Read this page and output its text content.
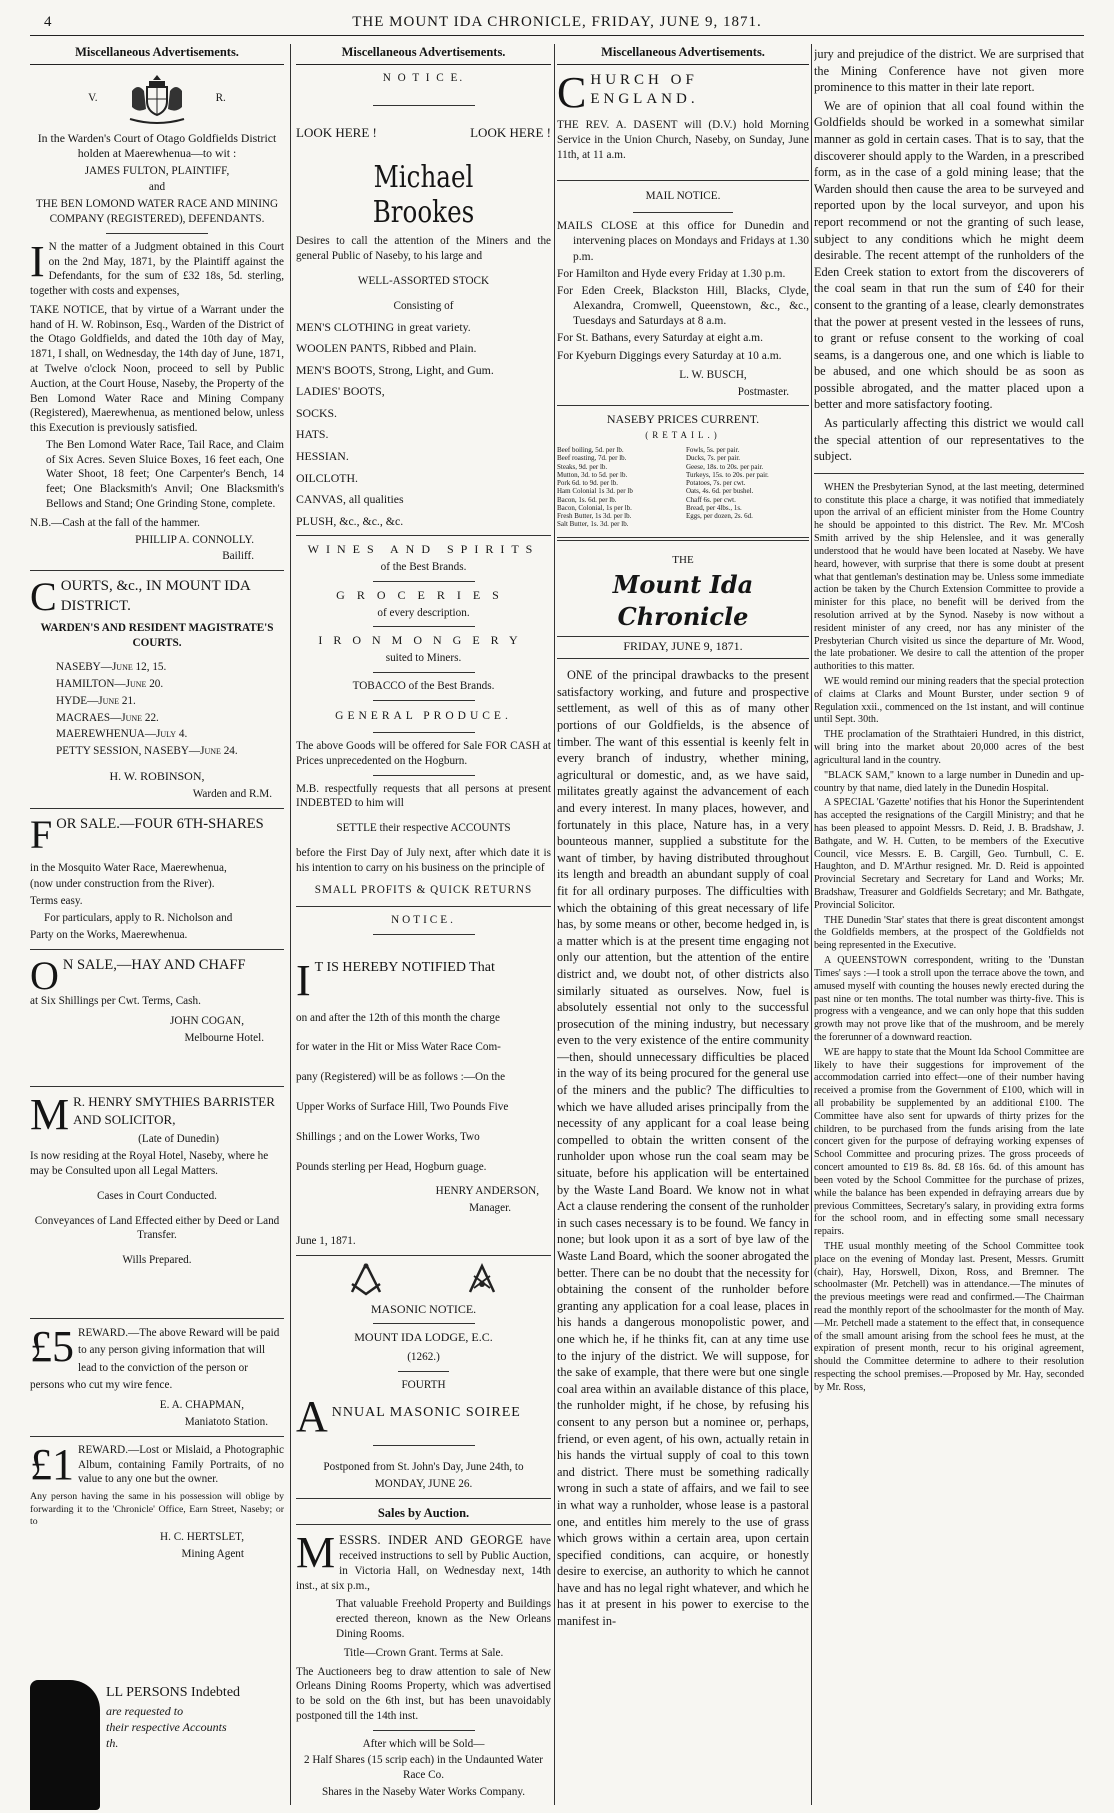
4	THE MOUNT IDA CHRONICLE, FRIDAY, JUNE 9, 1871.
Miscellaneous Advertisements.
V.	R.

In the Warden's Court of Otago Goldfields District holden at Maerewhenua—to wit :

JAMES FULTON, PLAINTIFF,

and

THE BEN LOMOND WATER RACE AND MINING COMPANY (REGISTERED), DEFENDANTS.

I N the matter of a Judgment obtained in this Court on the 2nd May, 1871, by the Plaintiff against the Defendants, for the sum of £32 18s, 5d. sterling, together with costs and expenses,

TAKE NOTICE, that by virtue of a Warrant under the hand of H. W. Robinson, Esq., Warden of the District of the Otago Goldfields, and dated the 10th day of May, 1871, I shall, on Wednesday, the 14th day of June, 1871, at Twelve o'clock Noon, proceed to sell by Public Auction, at the Court House, Naseby, the Property of the Ben Lomond Water Race and Mining Company (Registered), Maerewhenua, as mentioned below, unless this Execution is previously satisfied.

The Ben Lomond Water Race, Tail Race, and Claim of Six Acres. Seven Sluice Boxes, 16 feet each, One Water Shoot, 18 feet; One Carpenter's Bench, 14 feet; One Blacksmith's Anvil; One Blacksmith's Bellows and Stand; One Grinding Stone, complete.

N.B.—Cash at the fall of the hammer.

PHILLIP A. CONNOLLY.

Bailiff.

C OURTS, &c., IN MOUNT IDA DISTRICT.

WARDEN'S AND RESIDENT MAGISTRATE'S COURTS.

NASEBY—June 12, 15.

HAMILTON—June 20.

HYDE—June 21.

MACRAES—June 22.

MAEREWHENUA—July 4.

PETTY SESSION, NASEBY—June 24.

H. W. ROBINSON,

Warden and R.M.

F OR SALE.—FOUR 6TH-SHARES

in the Mosquito Water Race, Maerewhenua,

(now under construction from the River).

Terms easy.

For particulars, apply to R. Nicholson and

Party on the Works, Maerewhenua.

O N SALE,—HAY AND CHAFF

at Six Shillings per Cwt. Terms, Cash.

JOHN COGAN,

Melbourne Hotel.

M R. HENRY SMYTHIES BARRISTER AND SOLICITOR,

(Late of Dunedin)

Is now residing at the Royal Hotel, Naseby, where he may be Consulted upon all Legal Matters.

Cases in Court Conducted.

Conveyances of Land Effected either by Deed or Land Transfer.

Wills Prepared.

£5 REWARD.—The above Reward will be paid to any person giving information that will lead to the conviction of the person or persons who cut my wire fence.

E. A. CHAPMAN,

Maniatoto Station.

£1 REWARD.—Lost or Mislaid, a Photographic Album, containing Family Portraits, of no value to any one but the owner.

Any person having the same in his possession will oblige by forwarding it to the 'Chronicle' Office, Earn Street, Naseby; or to

H. C. HERTSLET,

Mining Agent

LL PERSONS Indebted

are requested to

their respective Accounts

th.

Miscellaneous Advertisements.

N O T I C E.

LOOK HERE !	LOOK HERE !
Michael Brookes

Desires to call the attention of the Miners and the general Public of Naseby, to his large and

WELL-ASSORTED STOCK

Consisting of

MEN'S CLOTHING in great variety.

WOOLEN PANTS, Ribbed and Plain.

MEN'S BOOTS, Strong, Light, and Gum.

LADIES' BOOTS,

SOCKS.

HATS.

HESSIAN.

OILCLOTH.

CANVAS, all qualities

PLUSH, &c., &c., &c.

WINES AND SPIRITS

of the Best Brands.

GROCERIES

of every description.

IRONMONGERY

suited to Miners.

TOBACCO of the Best Brands.

GENERAL PRODUCE.

The above Goods will be offered for Sale FOR CASH at Prices unprecedented on the Hogburn.

M.B. respectfully requests that all persons at present INDEBTED to him will

SETTLE their respective ACCOUNTS

before the First Day of July next, after which date it is his intention to carry on his business on the principle of

SMALL PROFITS & QUICK RETURNS

NOTICE.

I T IS HEREBY NOTIFIED That

on and after the 12th of this month the charge

for water in the Hit or Miss Water Race Com-

pany (Registered) will be as follows :—On the

Upper Works of Surface Hill, Two Pounds Five

Shillings ; and on the Lower Works, Two

Pounds sterling per Head, Hogburn guage.

HENRY ANDERSON,

Manager.

June 1, 1871.

MASONIC NOTICE.

MOUNT IDA LODGE, E.C.

(1262.)

FOURTH

A NNUAL MASONIC SOIREE

Postponed from St. John's Day, June 24th, to

MONDAY, JUNE 26.

Sales by Auction.

M ESSRS. INDER AND GEORGE have received instructions to sell by Public Auction, in Victoria Hall, on Wednesday next, 14th inst., at six p.m.,

That valuable Freehold Property and Buildings erected thereon, known as the New Orleans Dining Rooms.

Title—Crown Grant. Terms at Sale.

The Auctioneers beg to draw attention to sale of New Orleans Dining Rooms Property, which was advertised to be sold on the 6th inst, but has been unavoidably postponed till the 14th inst.

After which will be Sold—

2 Half Shares (15 scrip each) in the Undaunted Water Race Co.

Shares in the Naseby Water Works Company.

Miscellaneous Advertisements.
C HURCH OF ENGLAND.

THE REV. A. DASENT will (D.V.) hold Morning Service in the Union Church, Naseby, on Sunday, June 11th, at 11 a.m.

MAIL NOTICE.

MAILS CLOSE at this office for Dunedin and intervening places on Mondays and Fridays at 1.30 p.m.

For Hamilton and Hyde every Friday at 1.30 p.m.

For Eden Creek, Blackston Hill, Blacks, Clyde, Alexandra, Cromwell, Queenstown, &c., &c., Tuesdays and Saturdays at 8 a.m.

For St. Bathans, every Saturday at eight a.m.

For Kyeburn Diggings every Saturday at 10 a.m.

L. W. BUSCH,

Postmaster.

NASEBY PRICES CURRENT.

(RETAIL.)

Beef boiling, 5d. per lb.
Beef roasting, 7d. per lb.
Steaks, 9d. per lb.
Mutton, 3d. to 5d. per lb.
Pork 6d. to 9d. per lb.
Ham Colonial 1s 3d. per lb
Bacon, 1s. 6d. per lb.
Bacon, Colonial, 1s per lb.
Fresh Butter, 1s 3d. per lb.
Salt Butter, 1s. 3d. per lb.
Fowls, 5s. per pair.
Ducks, 7s. per pair.
Geese, 18s. to 20s. per pair.
Turkeys, 15s. to 20s. per pair.
Potatoes, 7s. per cwt.
Oats, 4s. 6d. per bushel.
Chaff 6s. per cwt.
Bread, per 4lbs., 1s.
Eggs, per dozen, 2s. 6d.

THE

Mount Ida Chronicle

FRIDAY, JUNE 9, 1871.

ONE of the principal drawbacks to the present satisfactory working, and future and prospective settlement, as well of this as of many other portions of our Goldfields, is the absence of timber. The want of this essential is keenly felt in every branch of industry, whether mining, agricultural or domestic, and, as we have said, militates greatly against the advancement of each and every interest. In many places, however, and fortunately in this place, Nature has, in a very bounteous manner, supplied a substitute for the want of timber, by having distributed throughout its length and breadth an abundant supply of coal fit for all ordinary purposes. The difficulties with which the obtaining of this great necessary of life has, by some means or other, become hedged in, is a matter which is at the present time engaging not only our attention, but the attention of the entire district and, we doubt not, of other districts also similarly situated as ourselves. Now, fuel is absolutely essential not only to the successful prosecution of the mining industry, but necessary even to the very existence of the entire community—then, should unnecessary difficulties be placed in the way of its being procured for the general use of the miners and the public? The difficulties to which we have alluded arises principally from the necessity of any applicant for a coal lease being compelled to obtain the written consent of the runholder upon whose run the coal seam may be situate, before his application will be entertained by the Waste Land Board. We know not in what Act a clause rendering the consent of the runholder in such cases necessary is to be found. We fancy in none; but look upon it as a sort of bye law of the Waste Land Board, which the sooner abrogated the better. There can be no doubt that the necessity for obtaining the consent of the runholder before granting any application for a coal lease, places in his hands a dangerous monopolistic power, and one which he, if he thinks fit, can at any time use to the injury of the district. We will suppose, for the sake of example, that there were but one single coal area within an available distance of this place, the runholder might, if he chose, by refusing his consent to any person but a nominee or, perhaps, friend, or even agent, of his own, actually retain in his hands the virtual supply of coal to this town and district. There must be something radically wrong in such a state of affairs, and we fail to see in what way a runholder, whose lease is a pastoral one, and entitles him merely to the use of grass which grows within a certain area, upon certain specified conditions, can acquire, or honestly desire to exercise, an authority to which he cannot have and has no legal right whatever, and which he has it at present in his power to exercise to the manifest in-

jury and prejudice of the district. We are surprised that the Mining Conference have not given more prominence to this matter in their late report.

We are of opinion that all coal found within the Goldfields should be worked in a somewhat similar manner as gold in certain cases. That is to say, that the discoverer should apply to the Warden, in a prescribed form, as in the case of a gold mining lease; that the Warden should then cause the area to be surveyed and reported upon by the local surveyor, and upon his report recommend or not the granting of such lease, subject to any conditions which he might deem desirable. The recent attempt of the runholders of the Eden Creek station to extort from the discoverers of the coal seam in that run the sum of £40 for their consent to the granting of a lease, clearly demonstrates that the power at present vested in the lessees of runs, to grant or refuse consent to the working of coal seams, is a dangerous one, and one which is liable to be abused, and one which should be as soon as possible abrogated, and the matter placed upon a better and more satisfactory footing.

As particularly affecting this district we would call the special attention of our representatives to the subject.

WHEN the Presbyterian Synod, at the last meeting, determined to constitute this place a charge, it was notified that immediately upon the arrival of an efficient minister from the Home Country he should be appointed to this district. The Rev. Mr. M'Cosh Smith arrived by the ship Helenslee, and it was generally understood that he would have been located at Naseby. We have heard, however, with surprise that there is some doubt at present what that gentleman's destination may be. Unless some immediate action be taken by the Church Extension Committee to provide a minister for this place, no benefit will be derived from the resolution arrived at by the Synod. Naseby is now without a resident minister of any creed, nor has any minister of the Presbyterian Church visited us since the departure of Mr. Wood, the late probationer. We desire to call the attention of the proper authorities to this matter.

WE would remind our mining readers that the special protection of claims at Clarks and Mount Burster, under section 9 of Regulation xxii., commenced on the 1st instant, and will continue until Sept. 30th.

THE proclamation of the Strathtaieri Hundred, in this district, will bring into the market about 20,000 acres of the best agricultural land in the country.

"BLACK SAM," known to a large number in Dunedin and up-country by that name, died lately in the Dunedin Hospital.

A SPECIAL 'Gazette' notifies that his Honor the Superintendent has accepted the resignations of the Cargill Ministry; and that he has been pleased to appoint Messrs. D. Reid, J. B. Bradshaw, J. Bathgate, and W. H. Cutten, to be members of the Executive Council, vice Messrs. E. B. Cargill, Geo. Turnbull, C. E. Haughton, and D. M'Arthur resigned. Mr. D. Reid is appointed Provincial Secretary and Secretary for Land and Works; Mr. Bradshaw, Treasurer and Goldfields Secretary; and Mr. Bathgate, Provincial Solicitor.

THE Dunedin 'Star' states that there is great discontent amongst the Goldfields members, at the prospect of the Goldfields not being represented in the Executive.

A QUEENSTOWN correspondent, writing to the 'Dunstan Times' says :—I took a stroll upon the terrace above the town, and amused myself with counting the houses newly erected during the past nine or ten months. The total number was thirty-five. This is progress with a vengeance, and we can only hope that this sudden growth may not prove like that of the mushroom, and be merely the forerunner of a downward reaction.

WE are happy to state that the Mount Ida School Committee are likely to have their suggestions for improvement of the accommodation carried into effect—one of their number having received a promise from the Government of £100, which will in all probability be supplemented by an additional £100. The Committee have also sent for upwards of thirty prizes for the children, to be purchased from the funds arising from the late concert given for the purpose of defraying working expenses of School Committee and procuring prizes. The gross proceeds of concert amounted to £19 8s. 8d. £8 16s. 6d. of this amount has been voted by the School Committee for the purchase of prizes, while the balance has been expended in defraying arrears due by previous Committees, Secretary's salary, in providing extra forms for the school room, and in effecting some small necessary repairs.

THE usual monthly meeting of the School Committee took place on the evening of Monday last. Present, Messrs. Grumitt (chair), Hay, Horswell, Dixon, Ross, and Bremner. The schoolmaster (Mr. Petchell) was in attendance.—The minutes of the previous meetings were read and confirmed.—The Chairman read the monthly report of the schoolmaster for the month of May.—Mr. Petchell made a statement to the effect that, in consequence of the small amount arising from the school fees he must, at the expiration of present month, recur to his original agreement, should the Committee determine to adhere to their resolution respecting the school premises.—Proposed by Mr. Hay, seconded by Mr. Ross,
